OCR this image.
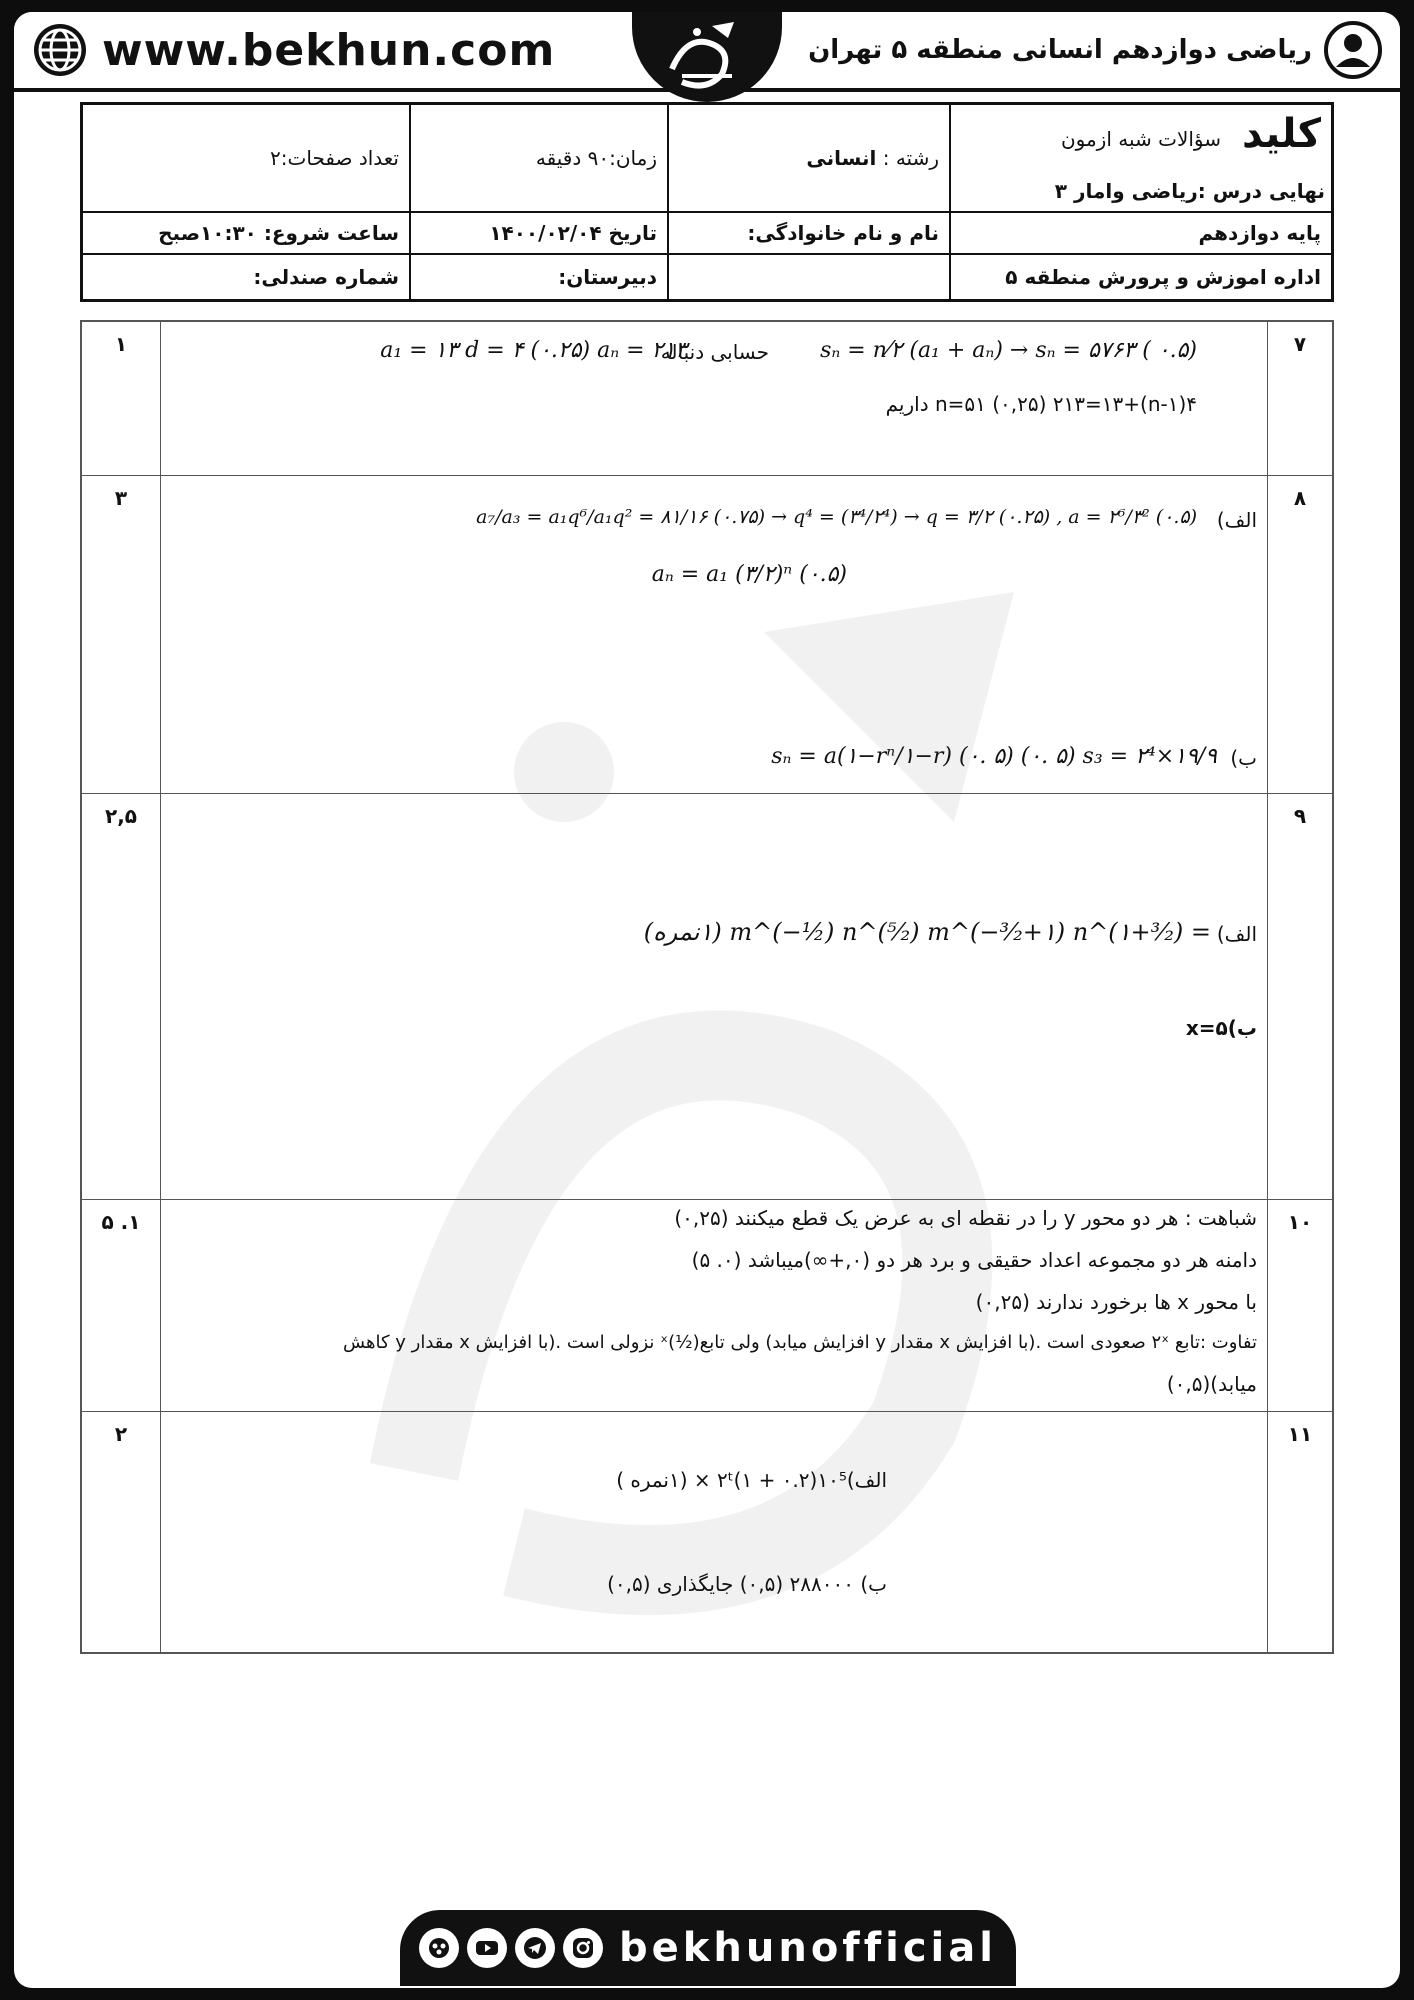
www.bekhun.com	ریاضی دوازدهم انسانی منطقه ۵ تهران
کلید
سؤالات شبه ازمون
نهایی درس :ریاضی وامار ۳	رشته : انسانی	زمان:۹۰ دقیقه	تعداد صفحات:۲
پایه دوازدهم	نام و نام خانوادگی:	تاریخ ۱۴۰۰/۰۲/۰۴	ساعت شروع: ۱۰:۳۰صبح
اداره اموزش و پرورش منطقه ۵		دبیرستان:	شماره صندلی:
۷	a₁ = ۱۳ d = ۴ (۰.۲۵) aₙ = ۲۱۳
حسابی دنباله sₙ = n⁄۲ (a₁ + aₙ) → sₙ = ۵۷۶۳ ( ۰.۵)
n=۵۱ (۰,۲۵) ۲۱۳=۱۳+(n-۱)۴ داریم	۱
۸	الف)
a₇/a₃ = a₁q⁶/a₁q² = ۸۱/۱۶ (۰.۷۵) → q⁴ = (۳⁴/۲⁴) → q = ۳/۲ (۰.۲۵) , a = ۲⁶/۳² (۰.۵)
aₙ = a₁ (۳/۲)ⁿ (۰.۵)
ب)
sₙ = a(۱−rⁿ/۱−r) (۰. ۵) (۰. ۵) s₃ = ۲⁴×۱۹/۹	۳
۹	الف)
= m^(−½) n^(⁵⁄₂) m^(−³⁄₂+۱) n^(۱+³⁄₂) (۱نمره)
ب)x=۵	۲,۵
۱۰	شباهت : هر دو محور y را در نقطه ای به عرض یک قطع میکنند (۰,۲۵)
دامنه هر دو مجموعه اعداد حقیقی و برد هر دو (۰,+∞)میباشد (۰. ۵)
با محور x ها برخورد ندارند (۰,۲۵)
تفاوت :تابع ۲ˣ صعودی است .(با افزایش x مقدار y افزایش میابد) ولی تابع(½)ˣ نزولی است .(با افزایش x مقدار y کاهش
میابد)(۰,۵)	۱. ۵
۱۱	الف)۲ᵗ(۱ + ۰.۲)۱۰⁵ × (۱نمره )
ب) ۲۸۸۰۰۰ (۰,۵) جایگذاری (۰,۵)	۲
bekhunofficial
